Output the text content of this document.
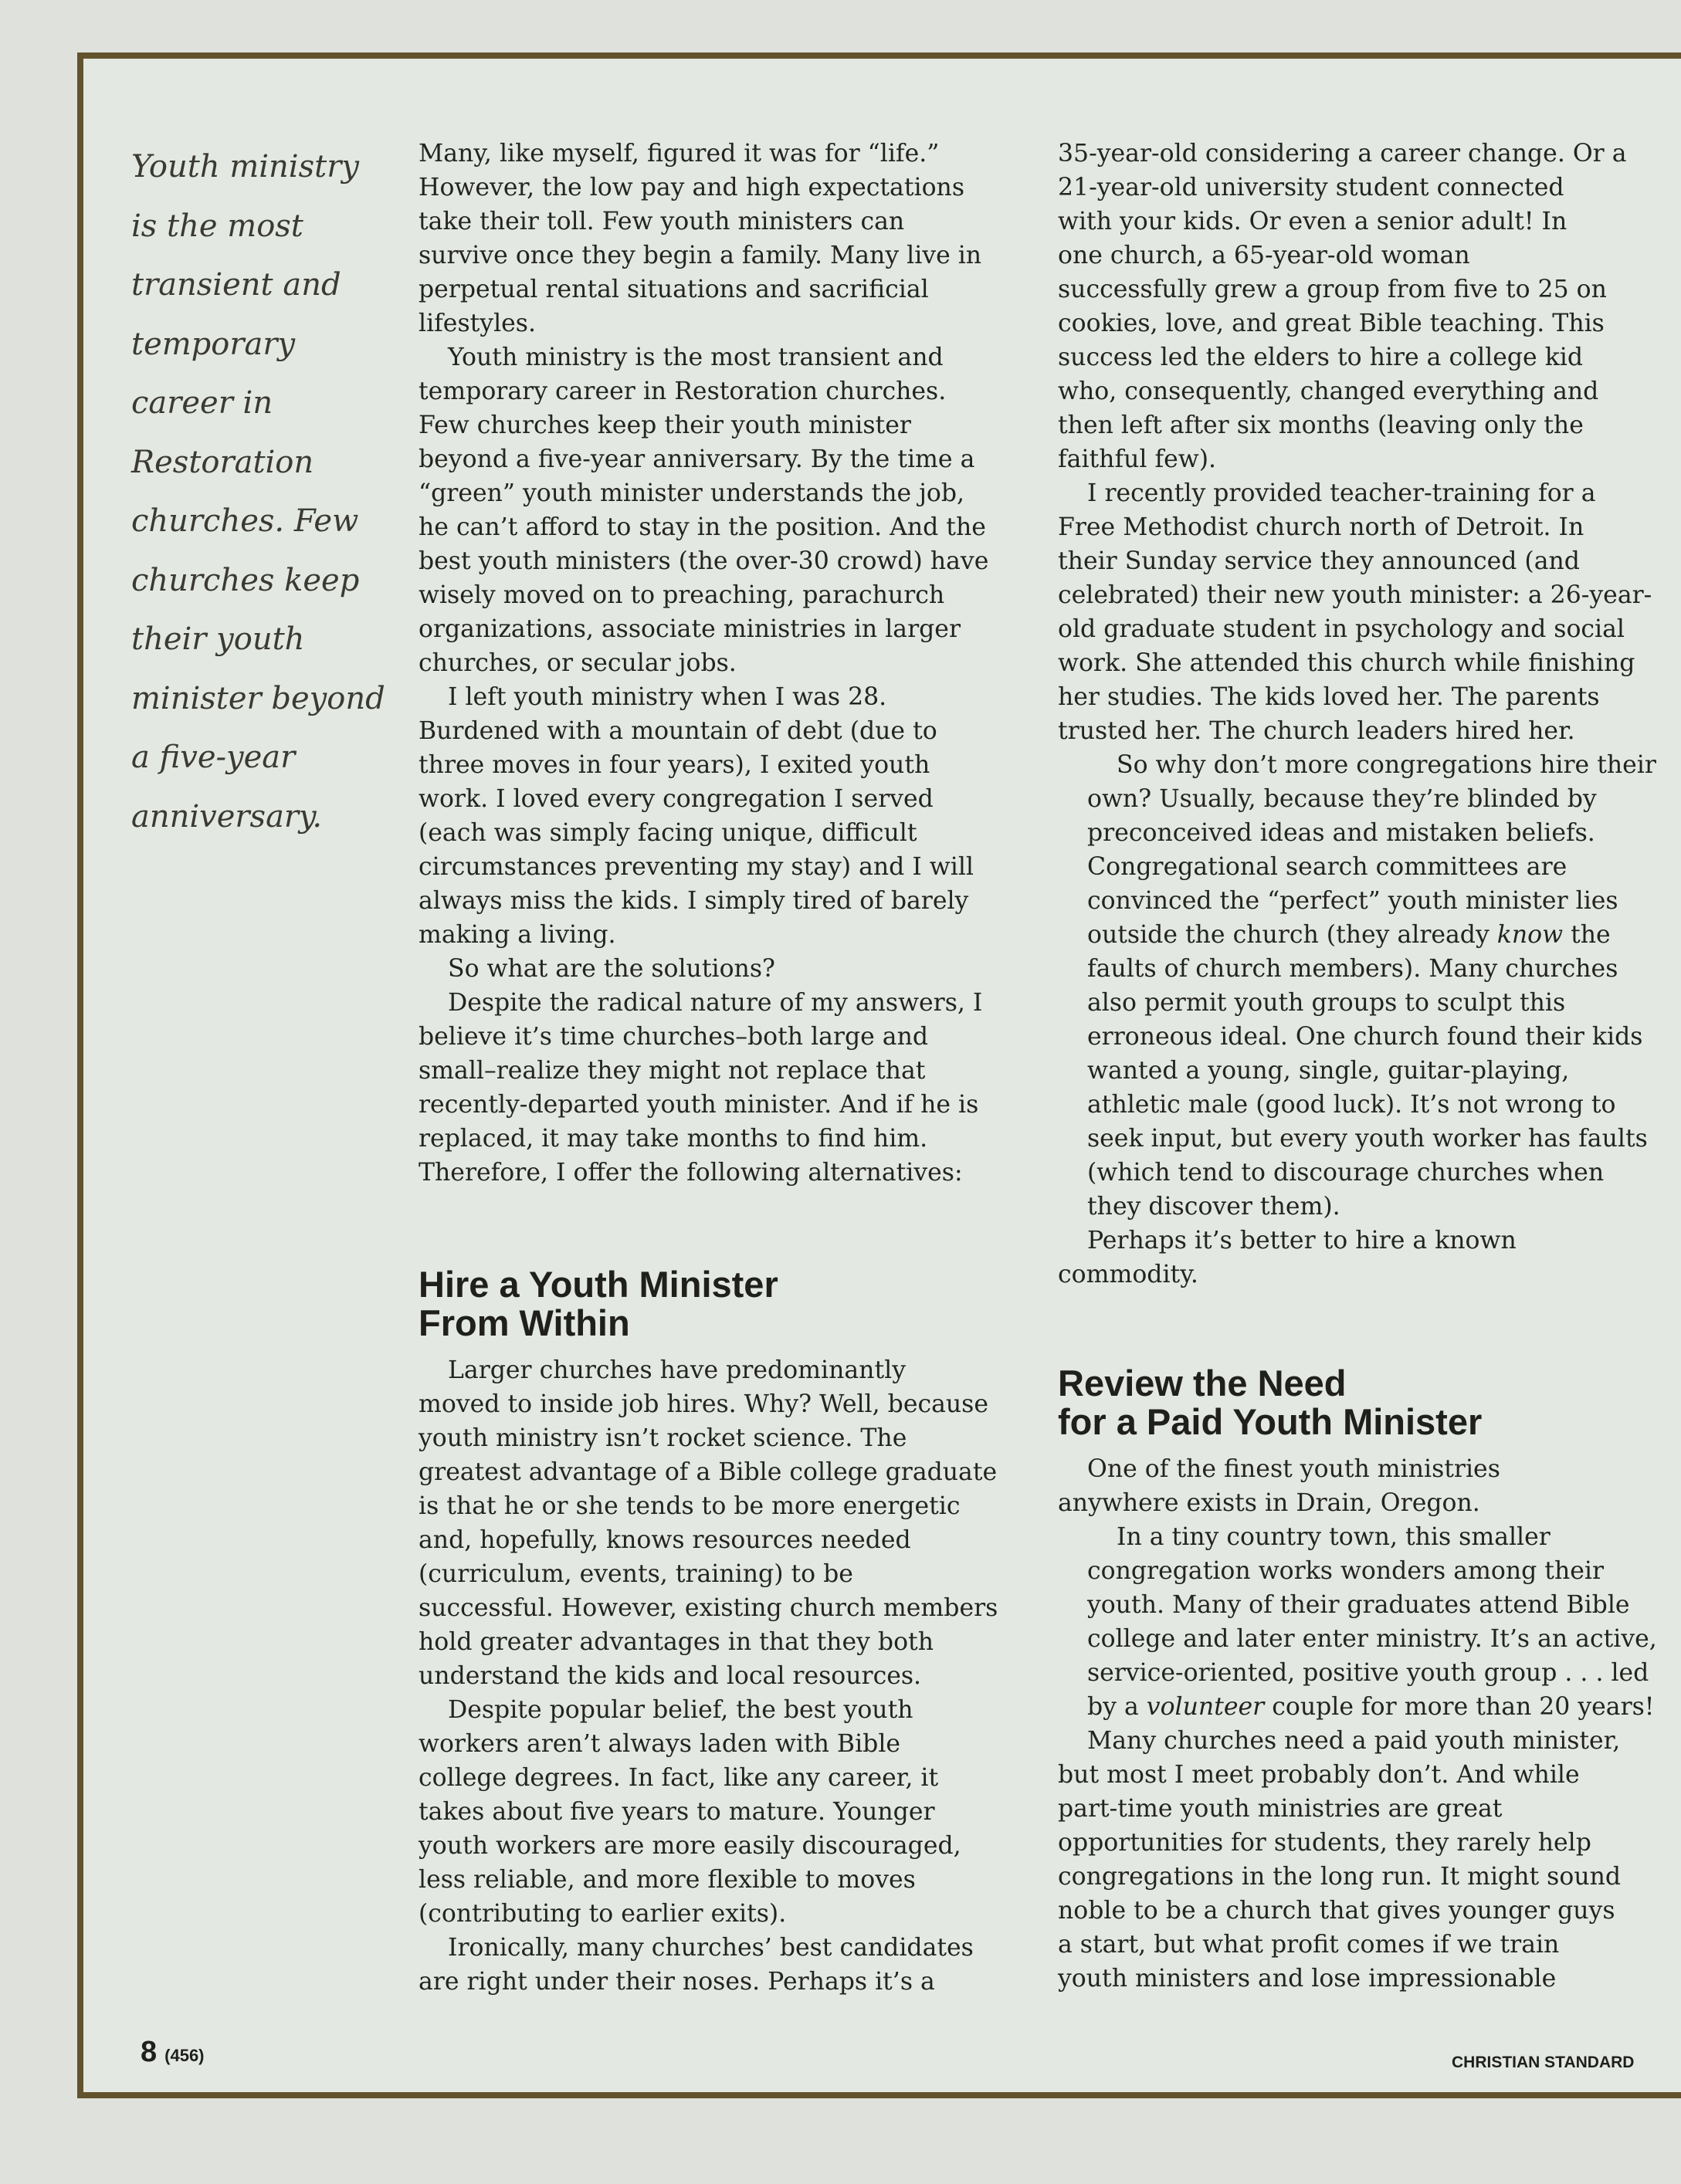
Youth ministry
is the most
transient and
temporary
career in
Restoration
churches. Few
churches keep
their youth
minister beyond
a five-year
anniversary.

Many, like myself, figured it was for “life.”
However, the low pay and high expectations
take their toll. Few youth ministers can
survive once they begin a family. Many live in
perpetual rental situations and sacrificial
lifestyles.

Youth ministry is the most transient and
temporary career in Restoration churches.
Few churches keep their youth minister
beyond a five-year anniversary. By the time a
“green” youth minister understands the job,
he can’t afford to stay in the position. And the
best youth ministers (the over-30 crowd) have
wisely moved on to preaching, parachurch
organizations, associate ministries in larger
churches, or secular jobs.

I left youth ministry when I was 28.
Burdened with a mountain of debt (due to
three moves in four years), I exited youth
work. I loved every congregation I served
(each was simply facing unique, difficult
circumstances preventing my stay) and I will
always miss the kids. I simply tired of barely
making a living.

So what are the solutions?

Despite the radical nature of my answers, I
believe it’s time churches–both large and
small–realize they might not replace that
recently-departed youth minister. And if he is
replaced, it may take months to find him.
Therefore, I offer the following alternatives:

Hire a Youth Minister
From Within

Larger churches have predominantly
moved to inside job hires. Why? Well, because
youth ministry isn’t rocket science. The
greatest advantage of a Bible college graduate
is that he or she tends to be more energetic
and, hopefully, knows resources needed
(curriculum, events, training) to be
successful. However, existing church members
hold greater advantages in that they both
understand the kids and local resources.

Despite popular belief, the best youth
workers aren’t always laden with Bible
college degrees. In fact, like any career, it
takes about five years to mature. Younger
youth workers are more easily discouraged,
less reliable, and more flexible to moves
(contributing to earlier exits).

Ironically, many churches’ best candidates
are right under their noses. Perhaps it’s a

35-year-old considering a career change. Or a
21-year-old university student connected
with your kids. Or even a senior adult! In
one church, a 65-year-old woman
successfully grew a group from five to 25 on
cookies, love, and great Bible teaching. This
success led the elders to hire a college kid
who, consequently, changed everything and
then left after six months (leaving only the
faithful few).

I recently provided teacher-training for a
Free Methodist church north of Detroit. In
their Sunday service they announced (and
celebrated) their new youth minister: a 26-year-
old graduate student in psychology and social
work. She attended this church while finishing
her studies. The kids loved her. The parents
trusted her. The church leaders hired her.

So why don’t more congregations hire their
own? Usually, because they’re blinded by
preconceived ideas and mistaken beliefs.
Congregational search committees are
convinced the “perfect” youth minister lies
outside the church (they already know the
faults of church members). Many churches
also permit youth groups to sculpt this
erroneous ideal. One church found their kids
wanted a young, single, guitar-playing,
athletic male (good luck). It’s not wrong to
seek input, but every youth worker has faults
(which tend to discourage churches when
they discover them).

Perhaps it’s better to hire a known
commodity.

Review the Need
for a Paid Youth Minister

One of the finest youth ministries
anywhere exists in Drain, Oregon.

In a tiny country town, this smaller
congregation works wonders among their
youth. Many of their graduates attend Bible
college and later enter ministry. It’s an active,
service-oriented, positive youth group . . . led
by a volunteer couple for more than 20 years!

Many churches need a paid youth minister,
but most I meet probably don’t. And while
part-time youth ministries are great
opportunities for students, they rarely help
congregations in the long run. It might sound
noble to be a church that gives younger guys
a start, but what profit comes if we train
youth ministers and lose impressionable

8 (456)	CHRISTIAN STANDARD
